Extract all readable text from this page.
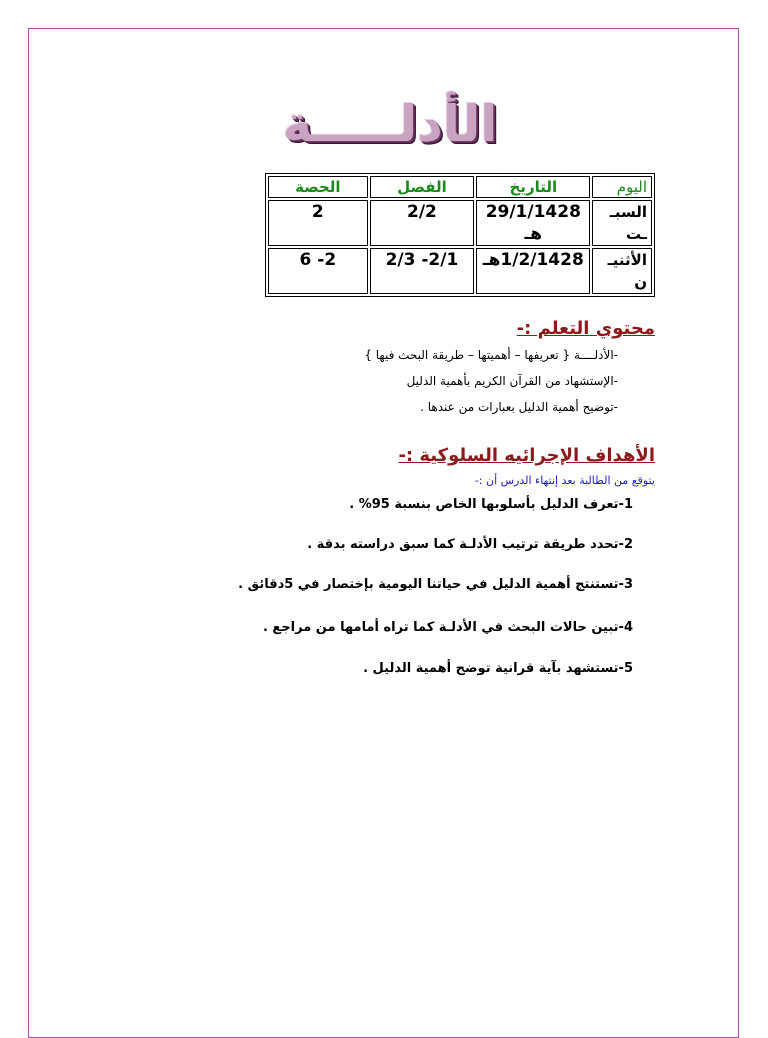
الأدلـــــة
اليوم	التاريخ	الفصل	الحصة
السبـ ـت	29/1/1428 هـ	2/2	2
الأثنيـ ن	1/2/1428هـ	2/1- 2/3	2- 6
محتوي التعلم :-
-الأدلــــة { تعريفها – أهميتها – طريقة البحث فيها }
-الإستشهاد من القرآن الكريم بأهمية الدليل
-توضيح أهمية الدليل بعبارات من عندها .
الأهداف الإجرائيه السلوكية :-
يتوقع من الطالبة بعد إنتهاء الدرس أن :-
1-تعرف الدليل بأسلوبها الخاص بنسبة 95% .
2-تحدد طريقة ترتيب الأدلـة كما سبق دراسته بدقة .
3-تستنتج أهمية الدليل في حياتنا اليومية بإختصار في 5دقائق .
4-تبين حالات البحث في الأدلـة كما تراه أمامها من مراجع .
5-تستشهد بآية قرانية توضح أهمية الدليل .
